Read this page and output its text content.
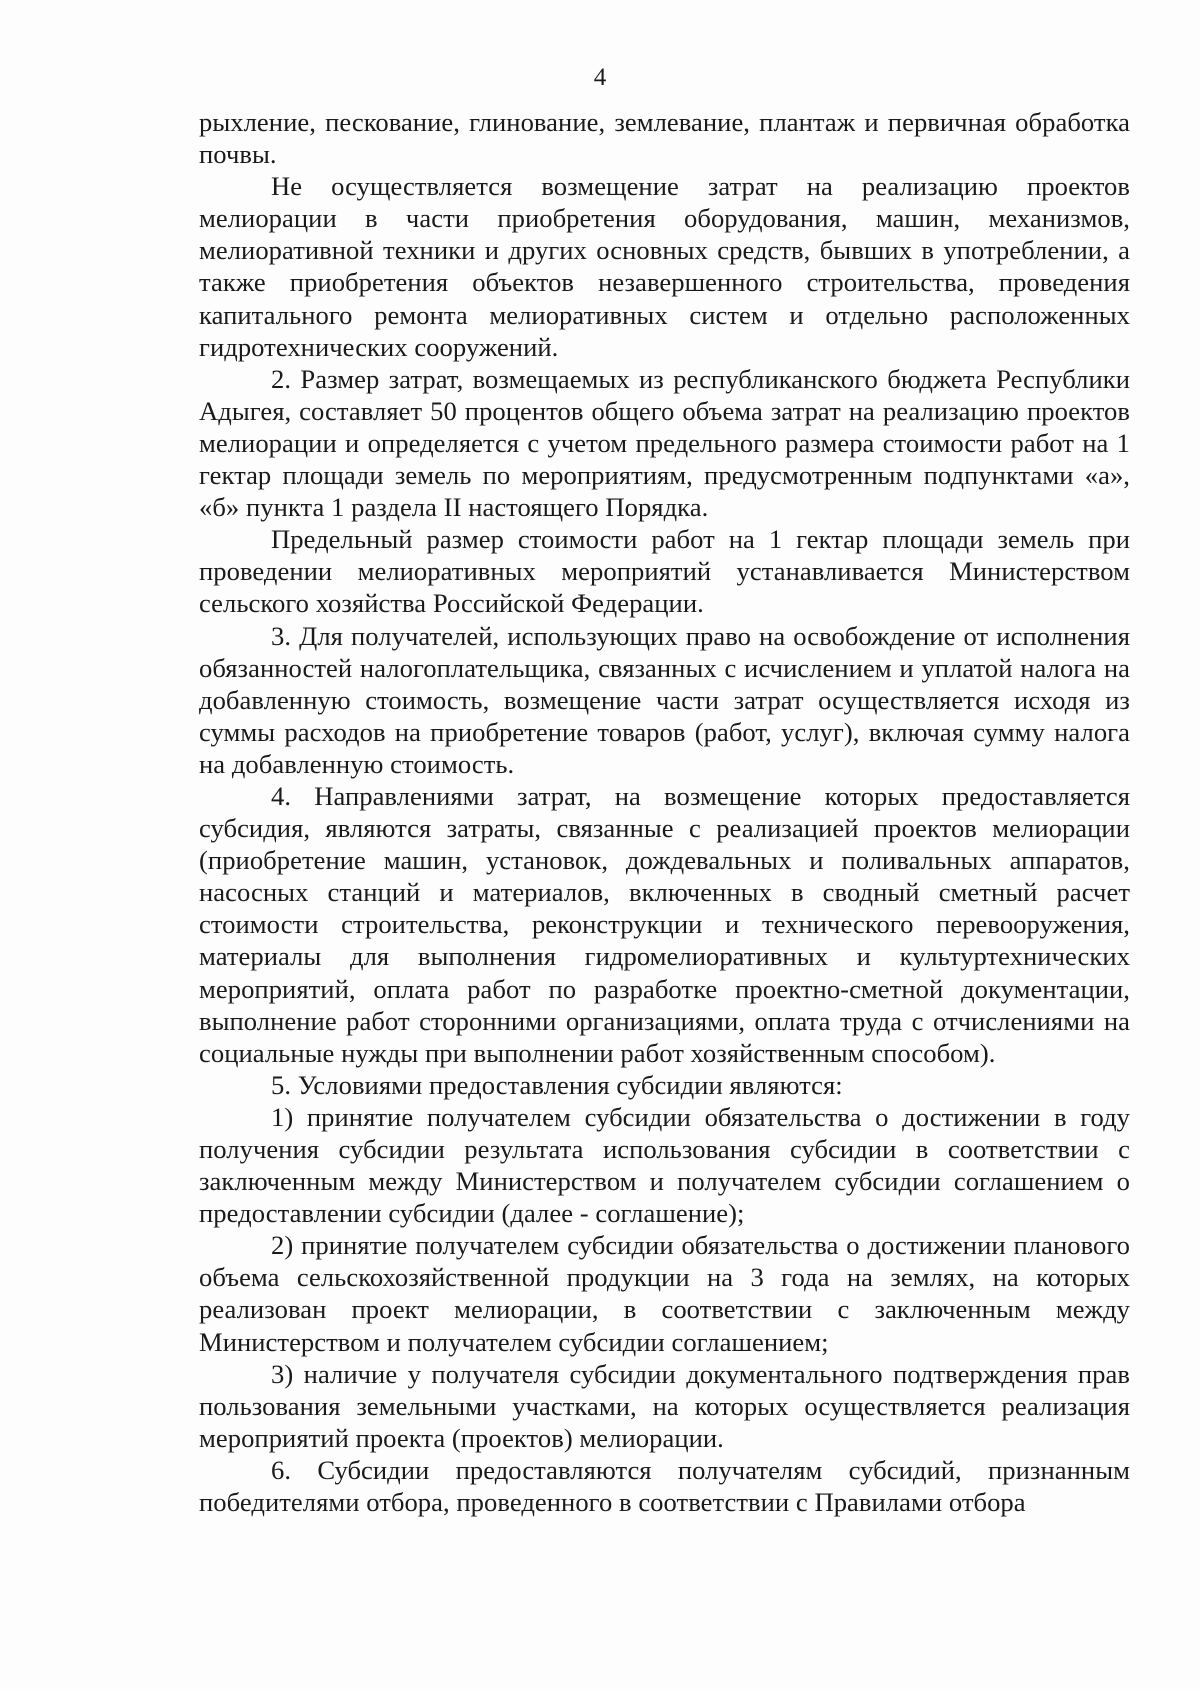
4

рыхление, пескование, глинование, землевание, плантаж и первичная обработка почвы.

Не осуществляется возмещение затрат на реализацию проектов мелиорации в части приобретения оборудования, машин, механизмов, мелиоративной техники и других основных средств, бывших в употреблении, а также приобретения объектов незавершенного строительства, проведения капитального ремонта мелиоративных систем и отдельно расположенных гидротехнических сооружений.

2. Размер затрат, возмещаемых из республиканского бюджета Республики Адыгея, составляет 50 процентов общего объема затрат на реализацию проектов мелиорации и определяется с учетом предельного размера стоимости работ на 1 гектар площади земель по мероприятиям, предусмотренным подпунктами «а», «б» пункта 1 раздела II настоящего Порядка.

Предельный размер стоимости работ на 1 гектар площади земель при проведении мелиоративных мероприятий устанавливается Министерством сельского хозяйства Российской Федерации.

3. Для получателей, использующих право на освобождение от исполнения обязанностей налогоплательщика, связанных с исчислением и уплатой налога на добавленную стоимость, возмещение части затрат осуществляется исходя из суммы расходов на приобретение товаров (работ, услуг), включая сумму налога на добавленную стоимость.

4. Направлениями затрат, на возмещение которых предоставляется субсидия, являются затраты, связанные с реализацией проектов мелиорации (приобретение машин, установок, дождевальных и поливальных аппаратов, насосных станций и материалов, включенных в сводный сметный расчет стоимости строительства, реконструкции и технического перевооружения, материалы для выполнения гидромелиоративных и культуртехнических мероприятий, оплата работ по разработке проектно-сметной документации, выполнение работ сторонними организациями, оплата труда с отчислениями на социальные нужды при выполнении работ хозяйственным способом).

5. Условиями предоставления субсидии являются:

1) принятие получателем субсидии обязательства о достижении в году получения субсидии результата использования субсидии в соответствии с заключенным между Министерством и получателем субсидии соглашением о предоставлении субсидии (далее - соглашение);

2) принятие получателем субсидии обязательства о достижении планового объема сельскохозяйственной продукции на 3 года на землях, на которых реализован проект мелиорации, в соответствии с заключенным между Министерством и получателем субсидии соглашением;

3) наличие у получателя субсидии документального подтверждения прав пользования земельными участками, на которых осуществляется реализация мероприятий проекта (проектов) мелиорации.

6. Субсидии предоставляются получателям субсидий, признанным победителями отбора, проведенного в соответствии с Правилами отбора
